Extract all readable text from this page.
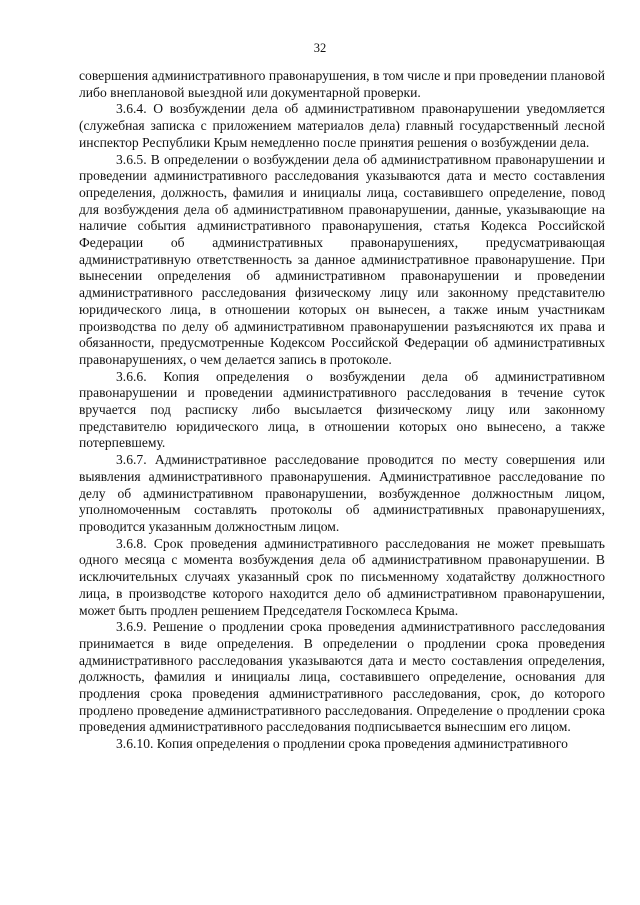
32

совершения административного правонарушения, в том числе и при проведении плановой либо внеплановой выездной или документарной проверки.

3.6.4. О возбуждении дела об административном правонарушении уведомляется (служебная записка с приложением материалов дела) главный государственный лесной инспектор Республики Крым немедленно после принятия решения о возбуждении дела.

3.6.5. В определении о возбуждении дела об административном правонарушении и проведении административного расследования указываются дата и место составления определения, должность, фамилия и инициалы лица, составившего определение, повод для возбуждения дела об административном правонарушении, данные, указывающие на наличие события административного правонарушения, статья Кодекса Российской Федерации об административных правонарушениях, предусматривающая административную ответственность за данное административное правонарушение. При вынесении определения об административном правонарушении и проведении административного расследования физическому лицу или законному представителю юридического лица, в отношении которых он вынесен, а также иным участникам производства по делу об административном правонарушении разъясняются их права и обязанности, предусмотренные Кодексом Российской Федерации об административных правонарушениях, о чем делается запись в протоколе.

3.6.6. Копия определения о возбуждении дела об административном правонарушении и проведении административного расследования в течение суток вручается под расписку либо высылается физическому лицу или законному представителю юридического лица, в отношении которых оно вынесено, а также потерпевшему.

3.6.7. Административное расследование проводится по месту совершения или выявления административного правонарушения. Административное расследование по делу об административном правонарушении, возбужденное должностным лицом, уполномоченным составлять протоколы об административных правонарушениях, проводится указанным должностным лицом.

3.6.8. Срок проведения административного расследования не может превышать одного месяца с момента возбуждения дела об административном правонарушении. В исключительных случаях указанный срок по письменному ходатайству должностного лица, в производстве которого находится дело об административном правонарушении, может быть продлен решением Председателя Госкомлеса Крыма.

3.6.9. Решение о продлении срока проведения административного расследования принимается в виде определения. В определении о продлении срока проведения административного расследования указываются дата и место составления определения, должность, фамилия и инициалы лица, составившего определение, основания для продления срока проведения административного расследования, срок, до которого продлено проведение административного расследования. Определение о продлении срока проведения административного расследования подписывается вынесшим его лицом.

3.6.10. Копия определения о продлении срока проведения административного
